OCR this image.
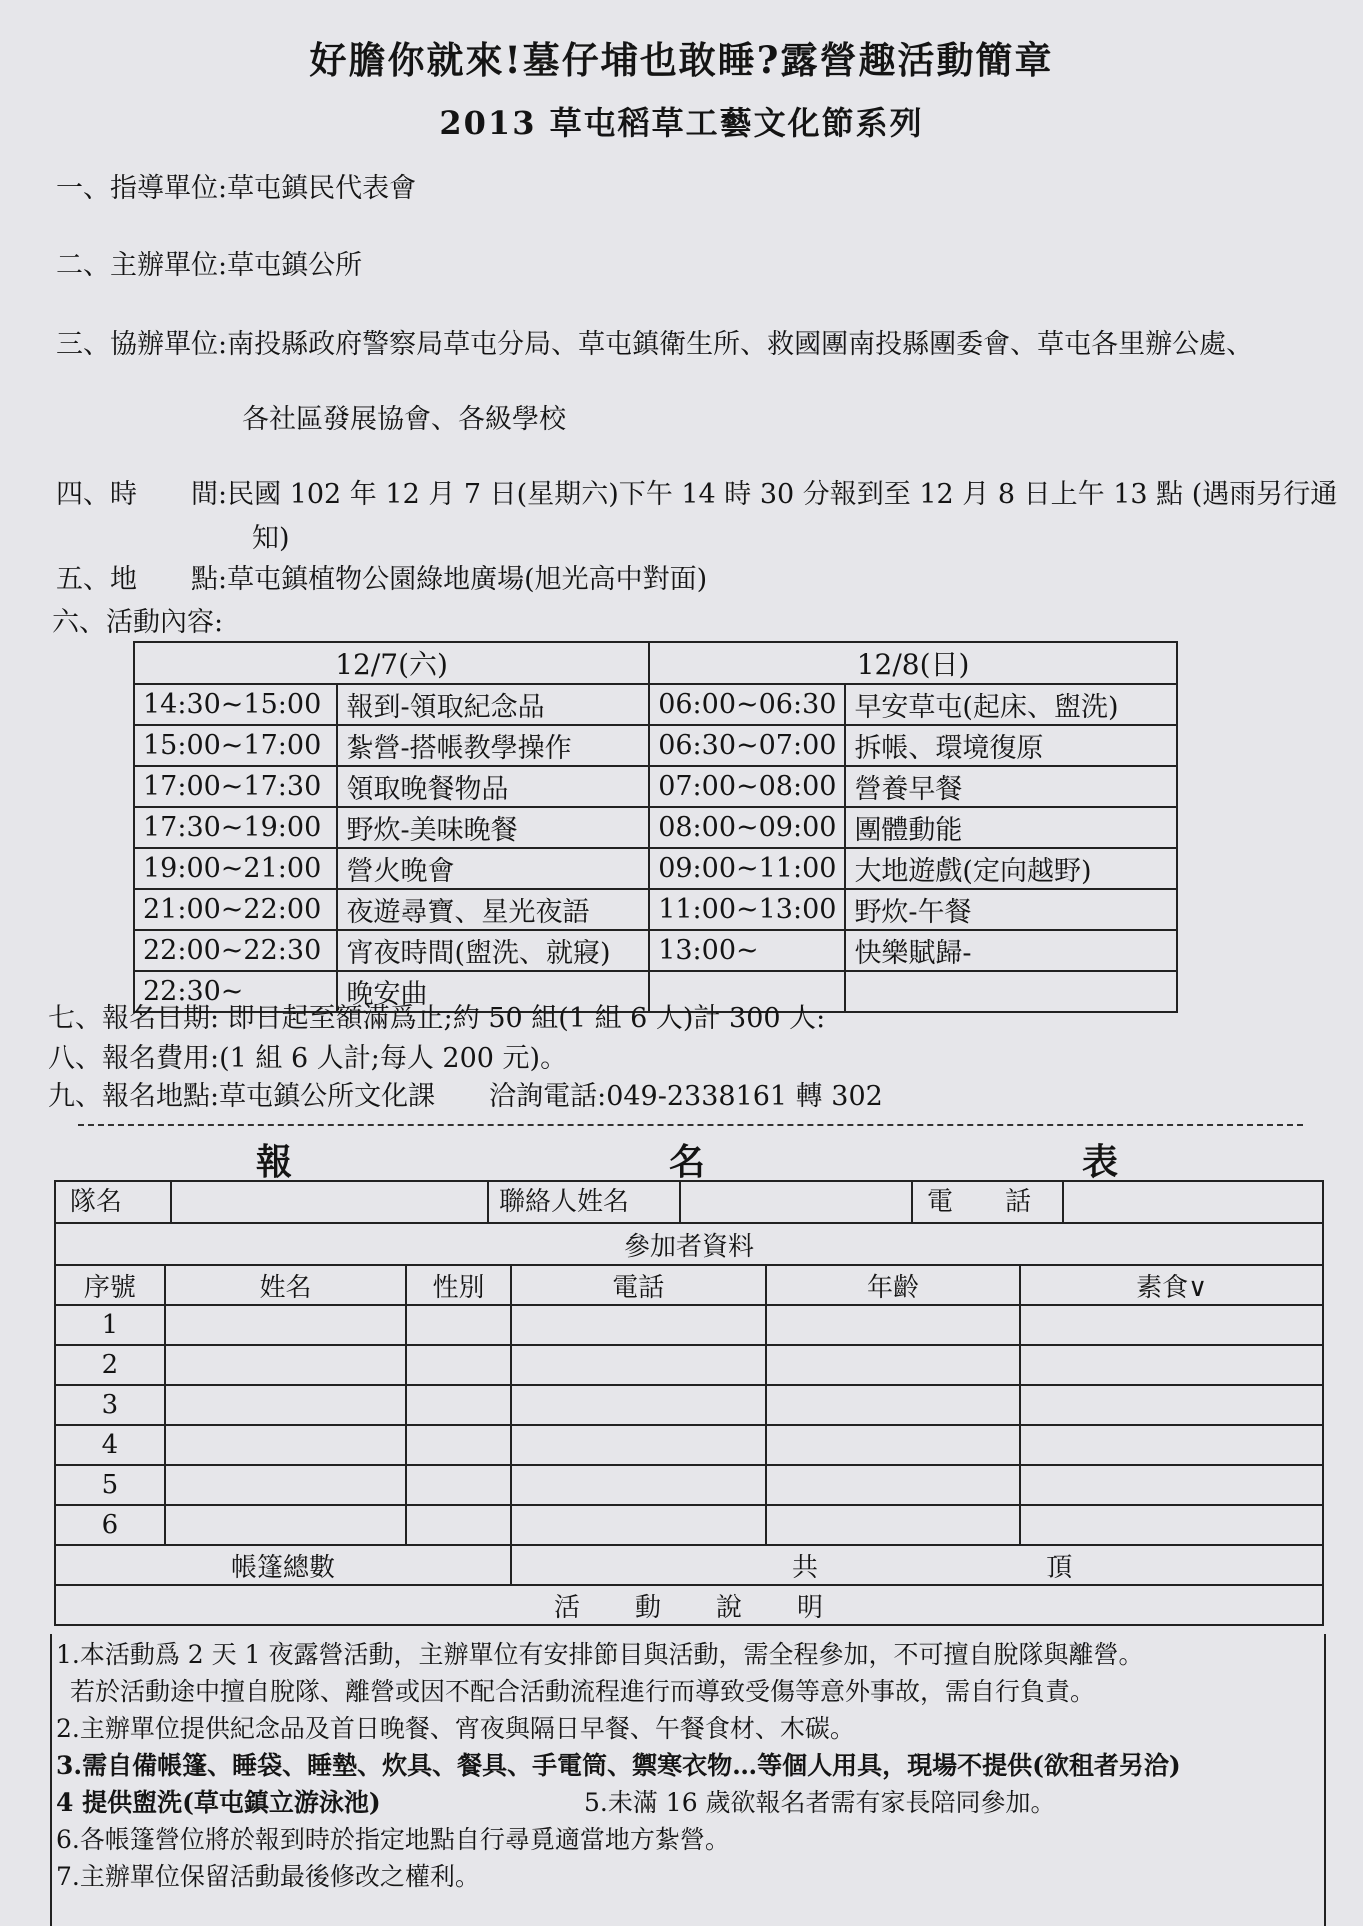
好膽你就來!墓仔埔也敢睡?露營趣活動簡章
2013 草屯稻草工藝文化節系列
一、指導單位:草屯鎮民代表會
二、主辦單位:草屯鎮公所
三、協辦單位:南投縣政府警察局草屯分局、草屯鎮衛生所、救國團南投縣團委會、草屯各里辦公處、
各社區發展協會、各級學校
四、時　　間:民國 102 年 12 月 7 日(星期六)下午 14 時 30 分報到至 12 月 8 日上午 13 點 (遇雨另行通
知)
五、地　　點:草屯鎮植物公園綠地廣場(旭光高中對面)
六、活動內容:
12/7(六)		12/8(日)	
14:30~15:00	報到-領取紀念品	06:00~06:30	早安草屯(起床、盥洗)
15:00~17:00	紮營-搭帳教學操作	06:30~07:00	拆帳、環境復原
17:00~17:30	領取晚餐物品	07:00~08:00	營養早餐
17:30~19:00	野炊-美味晚餐	08:00~09:00	團體動能
19:00~21:00	營火晚會	09:00~11:00	大地遊戲(定向越野)
21:00~22:00	夜遊尋寶、星光夜語	11:00~13:00	野炊-午餐
22:00~22:30	宵夜時間(盥洗、就寢)	13:00~	快樂賦歸-
22:30~	晚安曲		
七、報名日期: 即日起至額滿爲止;約 50 組(1 組 6 人)計 300 人:
八、報名費用:(1 組 6 人計;每人 200 元)。
九、報名地點:草屯鎮公所文化課　　洽詢電話:049-2338161 轉 302
報	名	表
隊名 聯絡人姓名 電　　話					

參加者資料					
序號	姓名	性別	電話	年齡	素食∨
1					
2					
3					
4					
5					
6					
帳篷總數			共 頂		
活　　動　　說　　明					
1.本活動爲 2 天 1 夜露營活動，主辦單位有安排節目與活動，需全程參加，不可擅自脫隊與離營。
若於活動途中擅自脫隊、離營或因不配合活動流程進行而導致受傷等意外事故，需自行負責。
2.主辦單位提供紀念品及首日晚餐、宵夜與隔日早餐、午餐食材、木碳。
3.需自備帳篷、睡袋、睡墊、炊具、餐具、手電筒、禦寒衣物…等個人用具，現場不提供(欲租者另洽)
4 提供盥洗(草屯鎮立游泳池)	5.未滿 16 歲欲報名者需有家長陪同參加。
6.各帳篷營位將於報到時於指定地點自行尋覓適當地方紮營。
7.主辦單位保留活動最後修改之權利。
